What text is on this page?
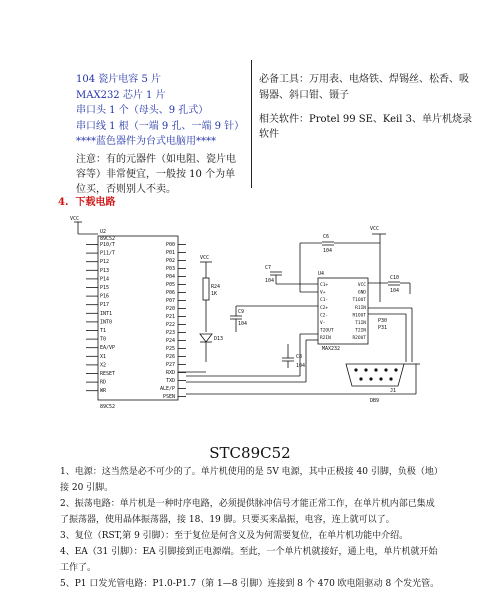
104 瓷片电容 5 片
MAX232 芯片 1 片
串口头 1 个（母头、9 孔式）
串口线 1 根（一端 9 孔、一端 9 针）
****蓝色器件为台式电脑用****
注意：有的元器件（如电阻、瓷片电容等）非常便宜，一般按 10 个为单位买，否则别人不卖。
必备工具：万用表、电烙铁、焊锡丝、松香、吸锡器、斜口钳、镊子
相关软件：Protel 99 SE、Keil 3、单片机烧录软件
4. 下载电路
VCC
U2
89C52
89C52
VCC
R24
1K
D13
C9
104
C7
104
C6
104
VCC
U4
MAX232
C10
104
C8
104
J1
DB9
P30
P31
P10/T
P11/T
P12
P13
P14
P15
P16
P17
INT1
INT0
T1
T0
EA/VP
X1
X2
RESET
RD
WR
P00
P01
P02
P03
P04
P05
P06
P07
P20
P21
P22
P23
P24
P25
P26
P27
RXD
TXD
ALE/P
PSEN
C1+
V+
C1-
C2+
C2-
V-
T2OUT
R2IN
VCC
GND
T1OUT
R1IN
R1OUT
T1IN
T2IN
R2OUT
STC89C52

1、电源：这当然是必不可少的了。单片机使用的是 5V 电源，其中正极接 40 引脚，负极（地）接 20 引脚。

2、振荡电路：单片机是一种时序电路，必须提供脉冲信号才能正常工作，在单片机内部已集成了振荡器，使用晶体振荡器，接 18、19 脚。只要买来晶振，电容，连上就可以了。

3、复位（RST,第 9 引脚）：至于复位是何含义及为何需要复位，在单片机功能中介绍。

4、EA（31 引脚）：EA 引脚接到正电源端。至此，一个单片机就接好，通上电，单片机就开始工作了。

5、P1 口发光管电路：P1.0-P1.7（第 1—8 引脚）连接到 8 个 470 欧电阻驱动 8 个发光管。
